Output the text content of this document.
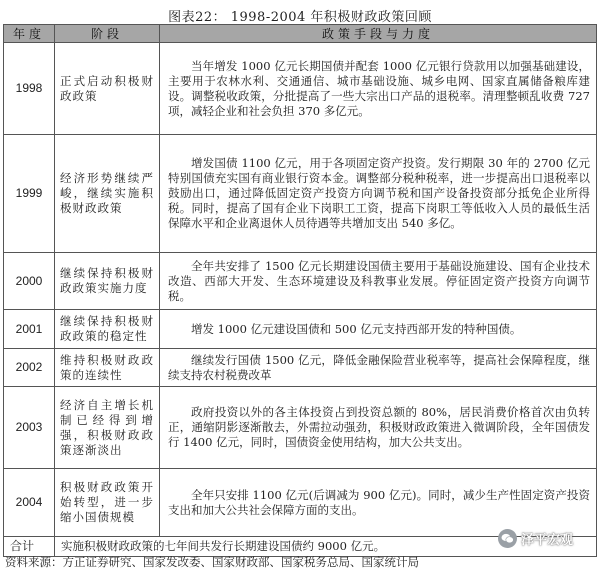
图表22： 1998-2004 年积极财政政策回顾
年度	阶段	政策手段与力度
1998	正式启动积极财政政策	当年增发 1000 亿元长期国债并配套 1000 亿元银行贷款用以加强基础建设，主要用于农林水利、交通通信、城市基础设施、城乡电网、国家直属储备粮库建设。调整税收政策，分批提高了一些大宗出口产品的退税率。清理整顿乱收费 727 项，减轻企业和社会负担 370 多亿元。
1999	经济形势继续严峻，继续实施积极财政政策	增发国债 1100 亿元，用于各项固定资产投资。发行期限 30 年的 2700 亿元特别国债充实国有商业银行资本金。调整部分税种税率，进一步提高出口退税率以鼓励出口，通过降低固定资产投资方向调节税和国产设备投资部分抵免企业所得税。同时，提高了国有企业下岗职工工资，提高下岗职工等低收入人员的最低生活保障水平和企业离退休人员待遇等共增加支出 540 多亿。
2000	继续保持积极财政政策实施力度	全年共安排了 1500 亿元长期建设国债主要用于基础设施建设、国有企业技术改造、西部大开发、生态环境建设及科教事业发展。停征固定资产投资方向调节税。
2001	继续保持积极财政政策的稳定性	增发 1000 亿元建设国债和 500 亿元支持西部开发的特种国债。
2002	维持积极财政政策的连续性	继续发行国债 1500 亿元，降低金融保险营业税率等，提高社会保障程度，继续支持农村税费改革
2003	经济自主增长机制已经得到增强，积极财政政策逐渐淡出	政府投资以外的各主体投资占到投资总额的 80%，居民消费价格首次由负转正，通缩阴影逐渐散去，外需拉动强劲，积极财政政策进入微调阶段，全年国债发行 1400 亿元，同时，国债资金使用结构，加大公共支出。
2004	积极财政政策开始转型，进一步缩小国债规模	全年只安排 1100 亿元(后调减为 900 亿元)。同时，减少生产性固定资产投资支出和加大公共社会保障方面的支出。
合计	实施积极财政政策的七年间共发行长期建设国债约 9000 亿元。		泽平宏观
资料来源：方正证券研究、国家发改委、国家财政部、国家税务总局、国家统计局
